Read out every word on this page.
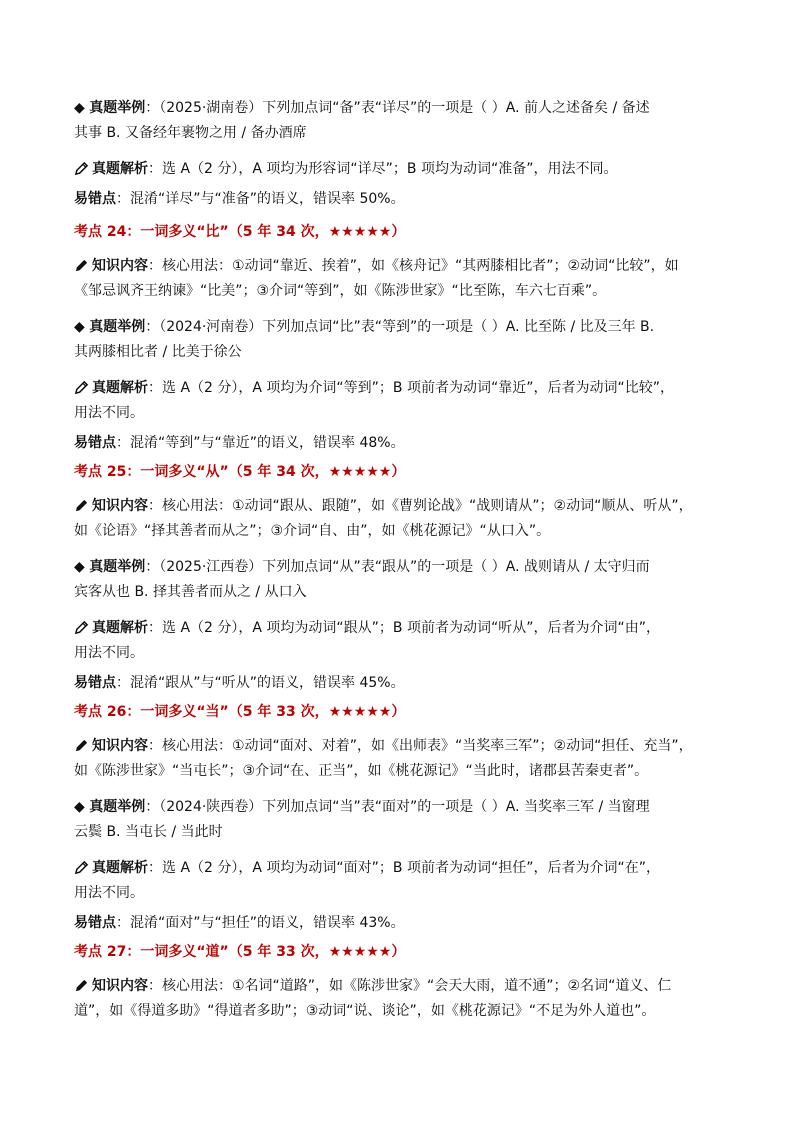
◆ 真题举例：（2025·湖南卷）下列加点词“备”表“详尽”的一项是（ ）A. 前人之述备矣 / 备述
其事 B. 又备经年裹物之用 / 备办酒席
真题解析：选 A（2 分），A 项均为形容词“详尽”；B 项均为动词“准备”，用法不同。
易错点：混淆“详尽”与“准备”的语义，错误率 50%。
考点 24：一词多义“比”（5 年 34 次，★★★★★）
知识内容：核心用法：①动词“靠近、挨着”，如《核舟记》“其两膝相比者”；②动词“比较”，如
《邹忌讽齐王纳谏》“比美”；③介词“等到”，如《陈涉世家》“比至陈，车六七百乘”。
◆ 真题举例：（2024·河南卷）下列加点词“比”表“等到”的一项是（ ）A. 比至陈 / 比及三年 B.
其两膝相比者 / 比美于徐公
真题解析：选 A（2 分），A 项均为介词“等到”；B 项前者为动词“靠近”，后者为动词“比较”，
用法不同。
易错点：混淆“等到”与“靠近”的语义，错误率 48%。
考点 25：一词多义“从”（5 年 34 次，★★★★★）
知识内容：核心用法：①动词“跟从、跟随”，如《曹刿论战》“战则请从”；②动词“顺从、听从”，
如《论语》“择其善者而从之”；③介词“自、由”，如《桃花源记》“从口入”。
◆ 真题举例：（2025·江西卷）下列加点词“从”表“跟从”的一项是（ ）A. 战则请从 / 太守归而
宾客从也 B. 择其善者而从之 / 从口入
真题解析：选 A（2 分），A 项均为动词“跟从”；B 项前者为动词“听从”，后者为介词“由”，
用法不同。
易错点：混淆“跟从”与“听从”的语义，错误率 45%。
考点 26：一词多义“当”（5 年 33 次，★★★★★）
知识内容：核心用法：①动词“面对、对着”，如《出师表》“当奖率三军”；②动词“担任、充当”，
如《陈涉世家》“当屯长”；③介词“在、正当”，如《桃花源记》“当此时，诸郡县苦秦吏者”。
◆ 真题举例：（2024·陕西卷）下列加点词“当”表“面对”的一项是（ ）A. 当奖率三军 / 当窗理
云鬓 B. 当屯长 / 当此时
真题解析：选 A（2 分），A 项均为动词“面对”；B 项前者为动词“担任”，后者为介词“在”，
用法不同。
易错点：混淆“面对”与“担任”的语义，错误率 43%。
考点 27：一词多义“道”（5 年 33 次，★★★★★）
知识内容：核心用法：①名词“道路”，如《陈涉世家》“会天大雨，道不通”；②名词“道义、仁
道”，如《得道多助》“得道者多助”；③动词“说、谈论”，如《桃花源记》“不足为外人道也”。
